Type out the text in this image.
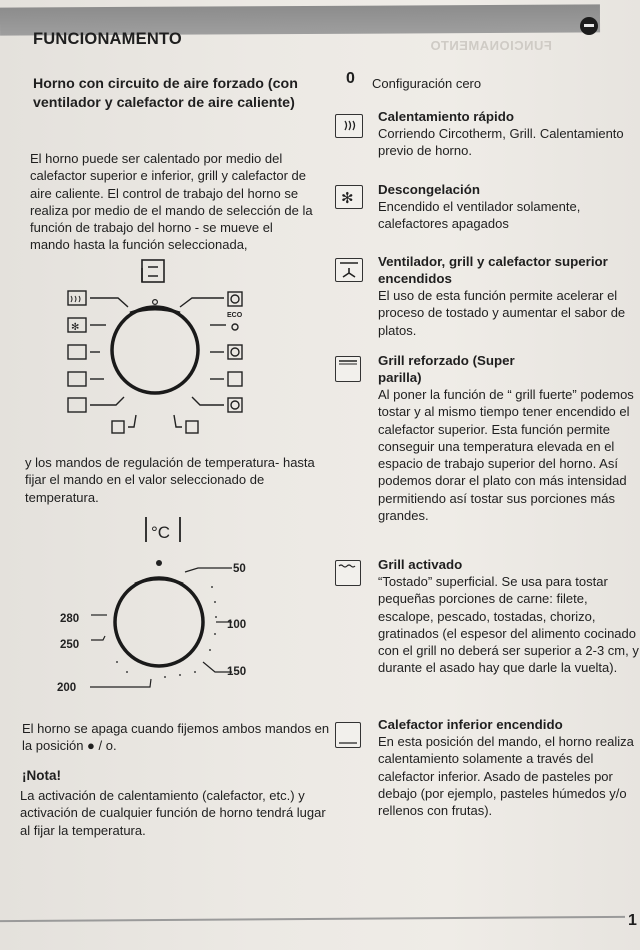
FUNCIONAMENTO	FUNCIONAMENTO
Horno con circuito de aire forzado (con ventilador y calefactor de aire caliente)
El horno puede ser calentado por medio del calefactor superior e inferior, grill y calefactor de aire caliente. El control de trabajo del horno se realiza por medio de el mando de selección de la función de trabajo del horno - se mueve el mando hasta la función seleccionada,
ECO
✻
y los mandos de regulación de temperatura- hasta fijar el mando en el valor seleccionado de temperatura.
°C
50
100
150
200
250
280
El horno se apaga cuando fijemos ambos mandos en la posición ● / o.
¡Nota!
La activación de calentamiento (calefactor, etc.) y activación de cualquier función de horno tendrá lugar al fijar la temperatura.
0 Configuración cero
Calentamiento rápido
Corriendo Circotherm, Grill. Calentamiento previo de horno.
✻
Descongelación
Encendido el ventilador solamente, calefactores apagados
Ventilador, grill y calefactor superior encendidos
El uso de esta función permite acelerar el proceso de tostado y aumentar el sabor de platos.
Grill reforzado (Super parilla)
Al poner la función de “ grill fuerte” podemos tostar y al mismo tiempo tener encendido el calefactor superior. Esta función permite conseguir una temperatura elevada en el espacio de trabajo superior del horno. Así podemos dorar el plato con más intensidad permitiendo así tostar sus porciones más grandes.
Grill activado
“Tostado” superficial. Se usa para tostar pequeñas porciones de carne: filete, escalope, pescado, tostadas, chorizo, gratinados (el espesor del alimento cocinado con el grill no deberá ser superior a 2-3 cm, y durante el asado hay que darle la vuelta).
Calefactor inferior encendido
En esta posición del mando, el horno realiza calentamiento solamente a través del calefactor inferior. Asado de pasteles por debajo (por ejemplo, pasteles húmedos y/o rellenos con frutas).
1
